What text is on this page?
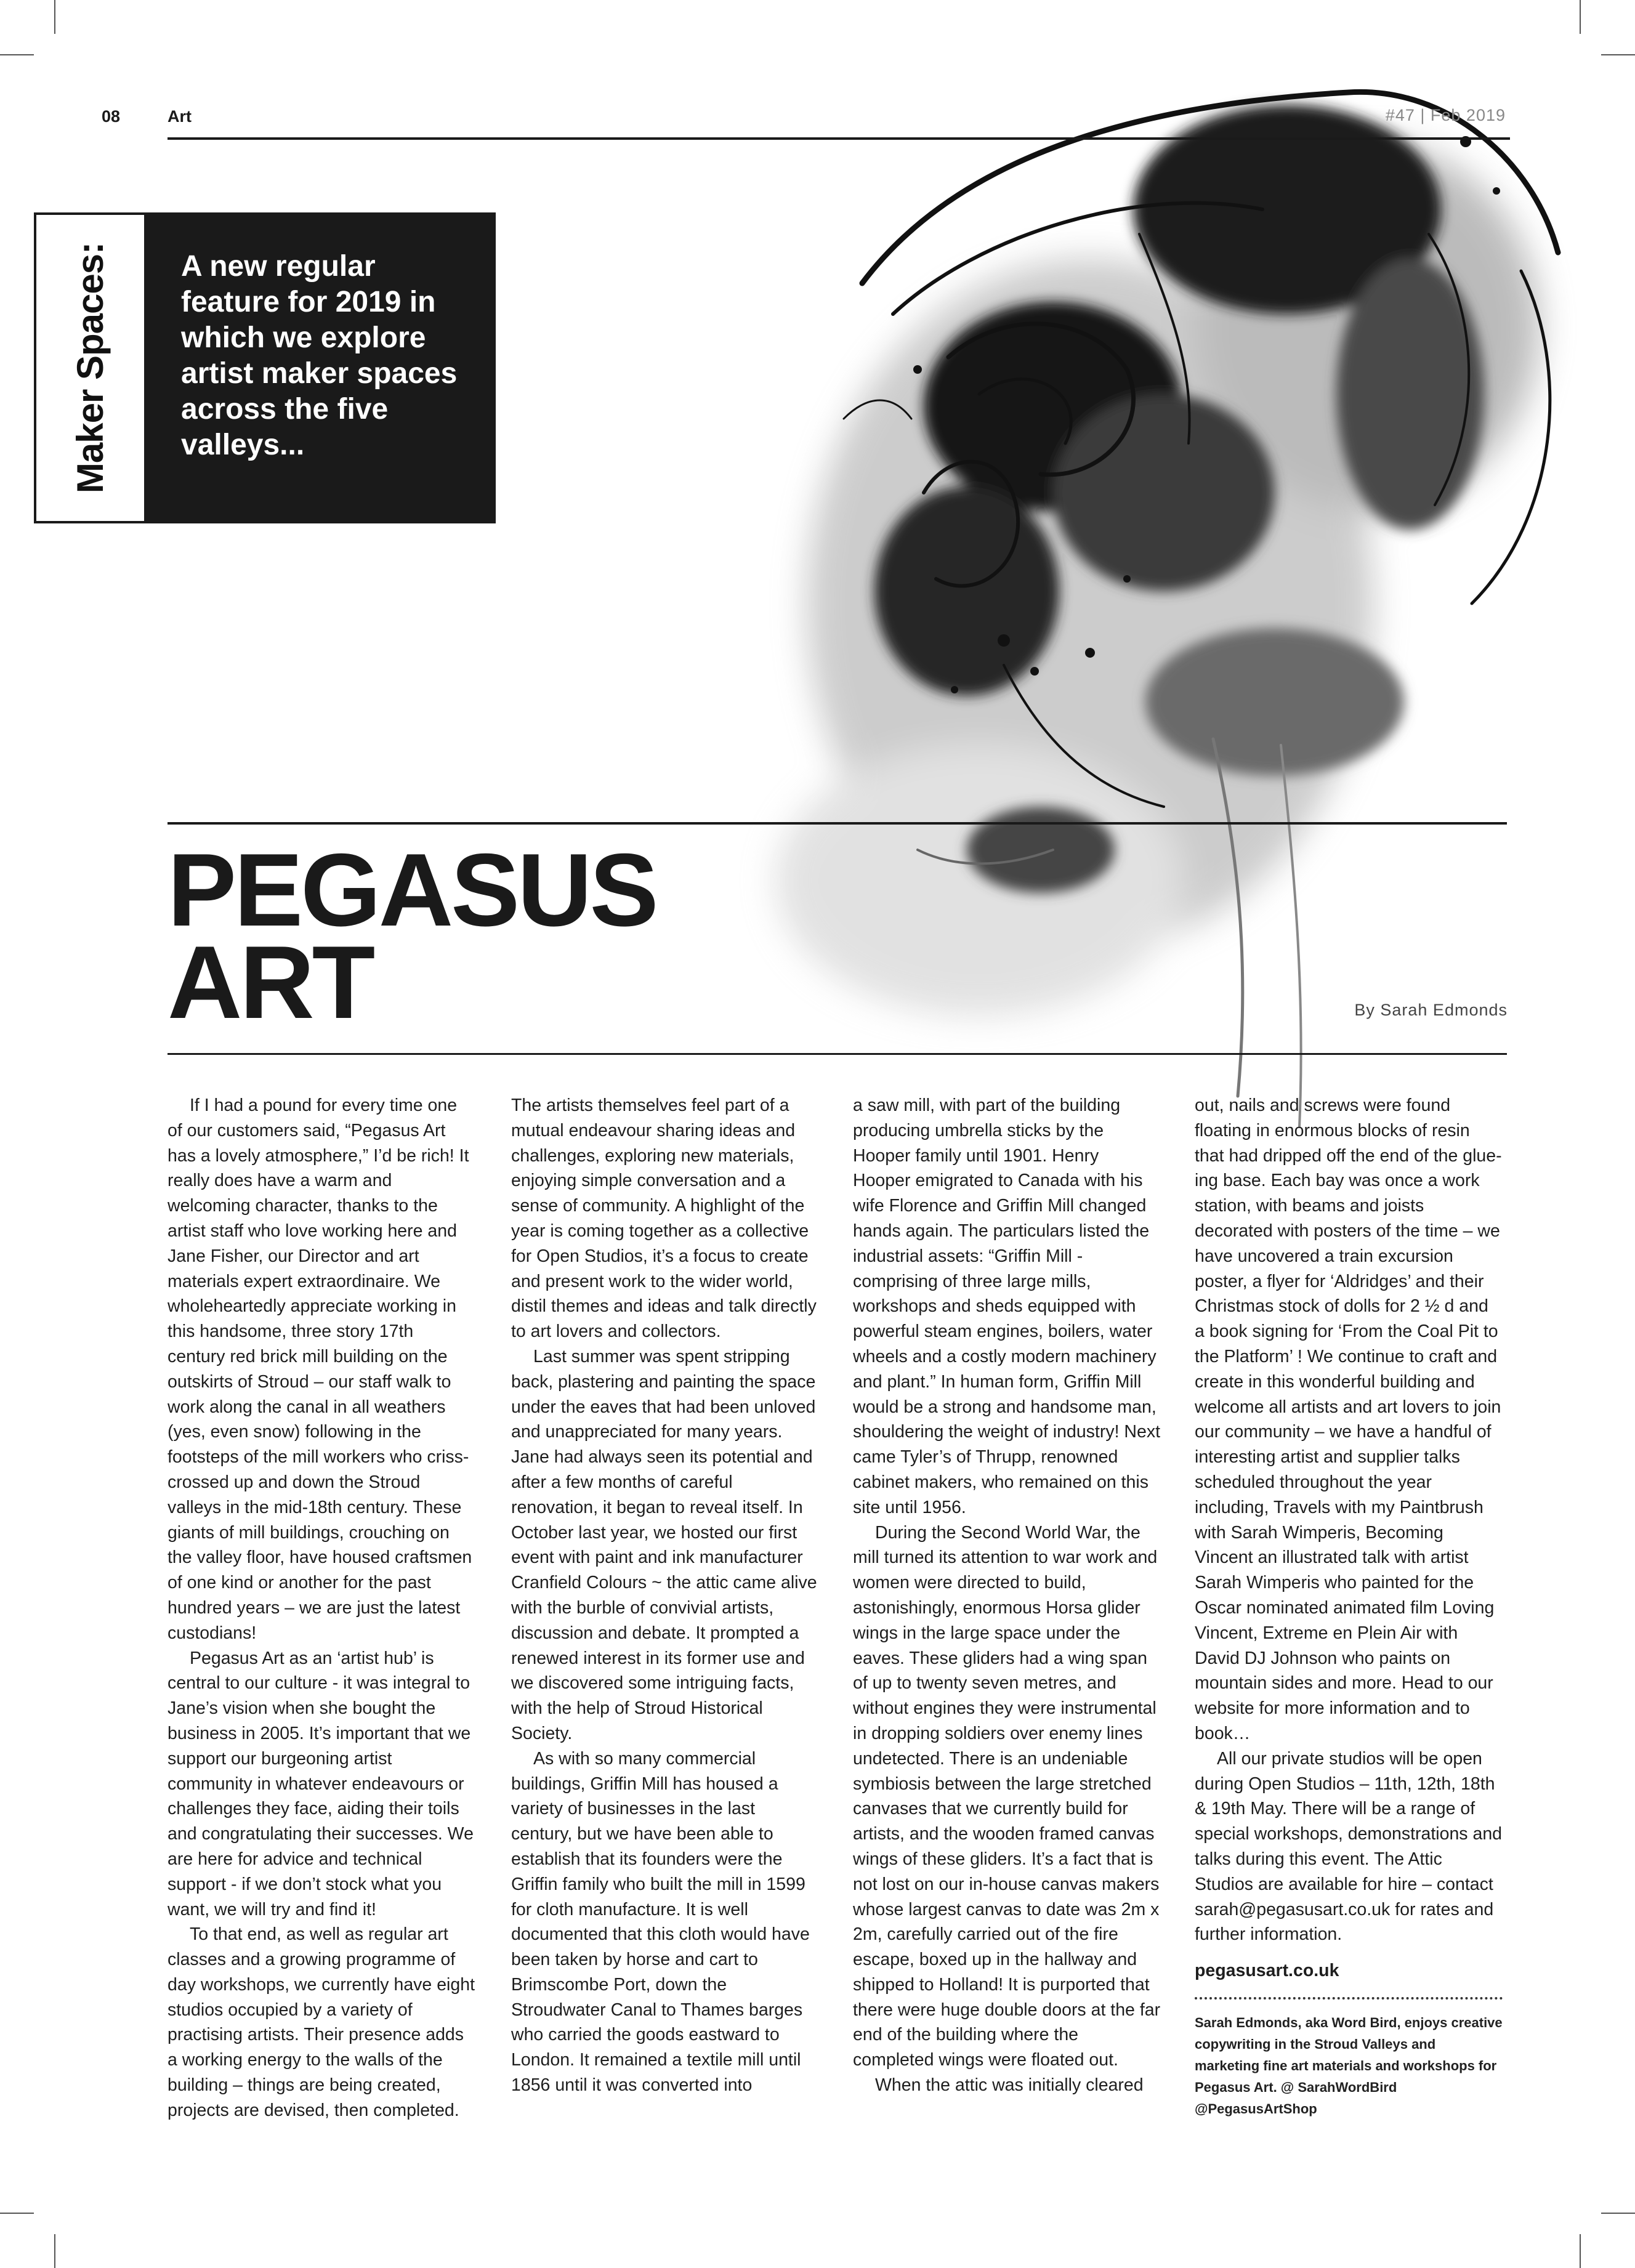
08	Art	#47 | Feb 2019
Maker Spaces:	A new regular feature for 2019 in which we explore artist maker spaces across the five valleys...
PEGASUS
ART	By Sarah Edmonds

If I had a pound for every time one of our customers said, “Pegasus Art has a lovely atmosphere,” I’d be rich! It really does have a warm and welcoming character, thanks to the artist staff who love working here and Jane Fisher, our Director and art materials expert extraordinaire. We wholeheartedly appreciate working in this handsome, three story 17th century red brick mill building on the outskirts of Stroud – our staff walk to work along the canal in all weathers (yes, even snow) following in the footsteps of the mill workers who criss-crossed up and down the Stroud valleys in the mid-18th century. These giants of mill buildings, crouching on the valley floor, have housed craftsmen of one kind or another for the past hundred years – we are just the latest custodians!

Pegasus Art as an ‘artist hub’ is central to our culture - it was integral to Jane’s vision when she bought the business in 2005. It’s important that we support our burgeoning artist community in whatever endeavours or challenges they face, aiding their toils and congratulating their successes. We are here for advice and technical support - if we don’t stock what you want, we will try and find it!

To that end, as well as regular art classes and a growing programme of day workshops, we currently have eight studios occupied by a variety of practising artists. Their presence adds a working energy to the walls of the building – things are being created, projects are devised, then completed.

The artists themselves feel part of a mutual endeavour sharing ideas and challenges, exploring new materials, enjoying simple conversation and a sense of community. A highlight of the year is coming together as a collective for Open Studios, it’s a focus to create and present work to the wider world, distil themes and ideas and talk directly to art lovers and collectors.

Last summer was spent stripping back, plastering and painting the space under the eaves that had been unloved and unappreciated for many years. Jane had always seen its potential and after a few months of careful renovation, it began to reveal itself. In October last year, we hosted our first event with paint and ink manufacturer Cranfield Colours ~ the attic came alive with the burble of convivial artists, discussion and debate. It prompted a renewed interest in its former use and we discovered some intriguing facts, with the help of Stroud Historical Society.

As with so many commercial buildings, Griffin Mill has housed a variety of businesses in the last century, but we have been able to establish that its founders were the Griffin family who built the mill in 1599 for cloth manufacture. It is well documented that this cloth would have been taken by horse and cart to Brimscombe Port, down the Stroudwater Canal to Thames barges who carried the goods eastward to London. It remained a textile mill until 1856 until it was converted into

a saw mill, with part of the building producing umbrella sticks by the Hooper family until 1901. Henry Hooper emigrated to Canada with his wife Florence and Griffin Mill changed hands again. The particulars listed the industrial assets: “Griffin Mill - comprising of three large mills, workshops and sheds equipped with powerful steam engines, boilers, water wheels and a costly modern machinery and plant.” In human form, Griffin Mill would be a strong and handsome man, shouldering the weight of industry! Next came Tyler’s of Thrupp, renowned cabinet makers, who remained on this site until 1956.

During the Second World War, the mill turned its attention to war work and women were directed to build, astonishingly, enormous Horsa glider wings in the large space under the eaves. These gliders had a wing span of up to twenty seven metres, and without engines they were instrumental in dropping soldiers over enemy lines undetected. There is an undeniable symbiosis between the large stretched canvases that we currently build for artists, and the wooden framed canvas wings of these gliders. It’s a fact that is not lost on our in-house canvas makers whose largest canvas to date was 2m x 2m, carefully carried out of the fire escape, boxed up in the hallway and shipped to Holland! It is purported that there were huge double doors at the far end of the building where the completed wings were floated out.

When the attic was initially cleared

out, nails and screws were found floating in enormous blocks of resin that had dripped off the end of the glue-ing base. Each bay was once a work station, with beams and joists decorated with posters of the time – we have uncovered a train excursion poster, a flyer for ‘Aldridges’ and their Christmas stock of dolls for 2 ½ d and a book signing for ‘From the Coal Pit to the Platform’ ! We continue to craft and create in this wonderful building and welcome all artists and art lovers to join our community – we have a handful of interesting artist and supplier talks scheduled throughout the year including, Travels with my Paintbrush with Sarah Wimperis, Becoming Vincent an illustrated talk with artist Sarah Wimperis who painted for the Oscar nominated animated film Loving Vincent, Extreme en Plein Air with David DJ Johnson who paints on mountain sides and more. Head to our website for more information and to book…

All our private studios will be open during Open Studios – 11th, 12th, 18th & 19th May. There will be a range of special workshops, demonstrations and talks during this event. The Attic Studios are available for hire – contact sarah@pegasusart.co.uk for rates and further information.

pegasusart.co.uk

Sarah Edmonds, aka Word Bird, enjoys creative copywriting in the Stroud Valleys and marketing fine art materials and workshops for Pegasus Art. @ SarahWordBird @PegasusArtShop
